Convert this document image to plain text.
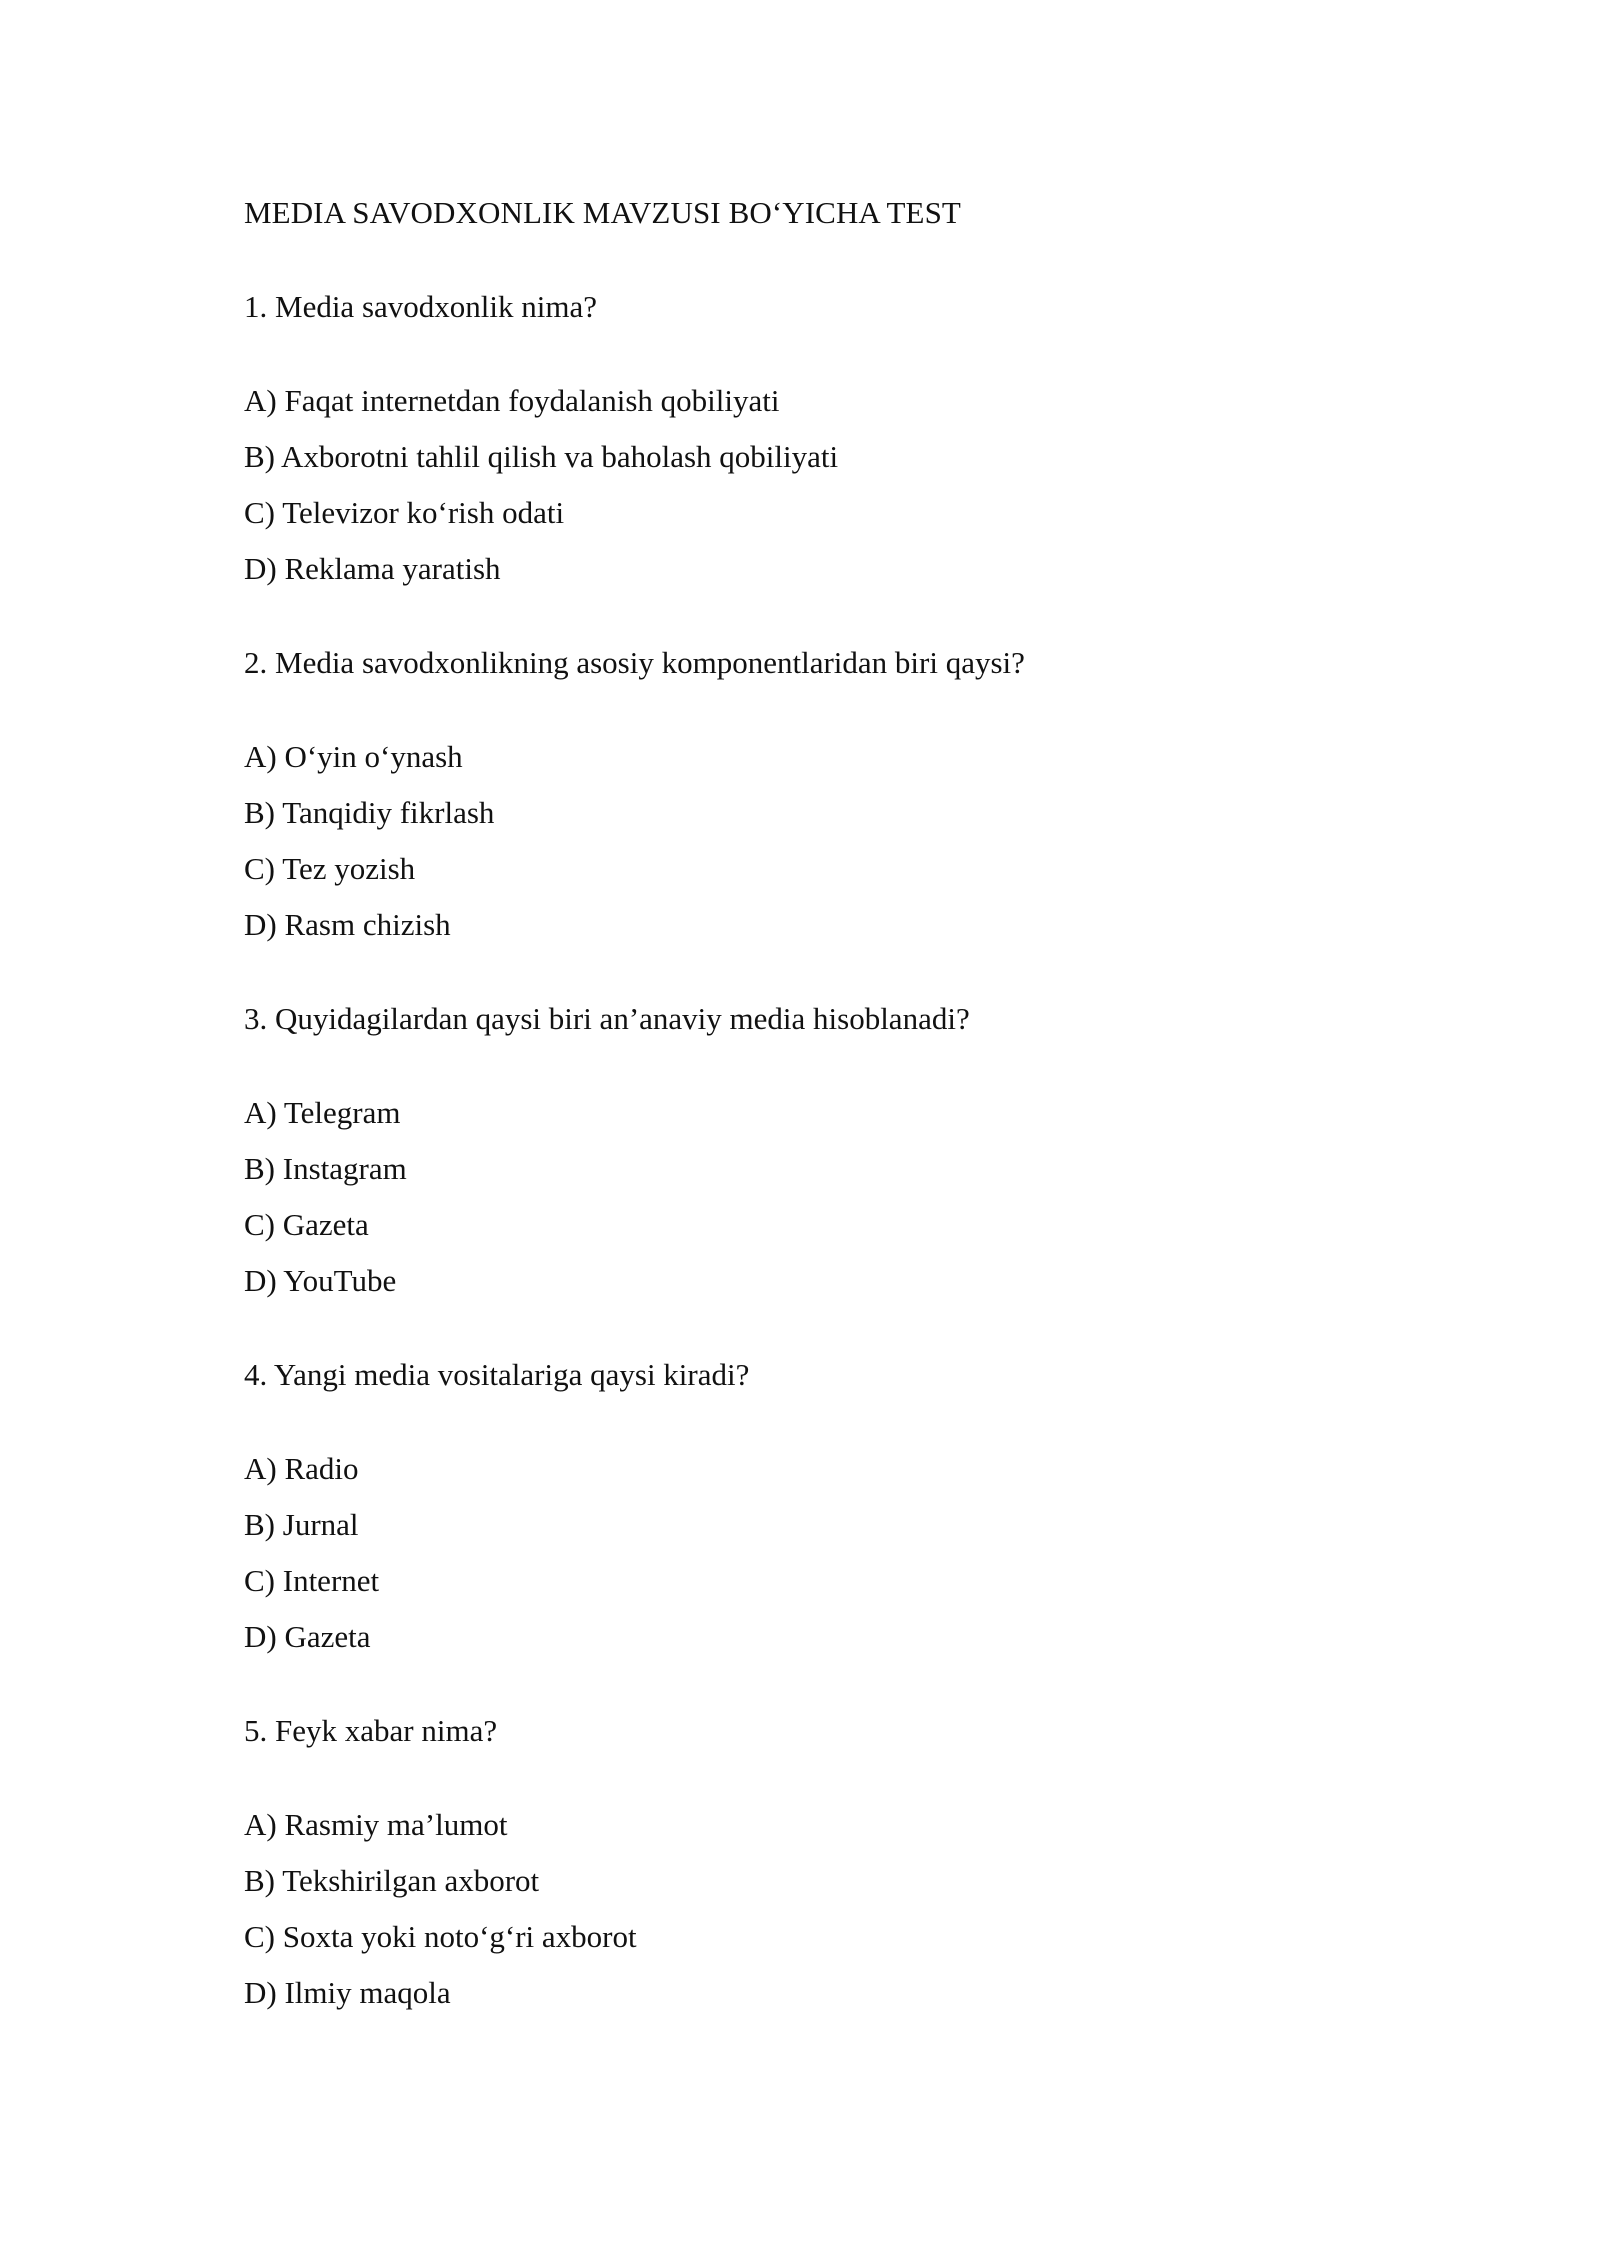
MEDIA SAVODXONLIK MAVZUSI BO‘YICHA TEST

1. Media savodxonlik nima?

A) Faqat internetdan foydalanish qobiliyati
B) Axborotni tahlil qilish va baholash qobiliyati
C) Televizor ko‘rish odati
D) Reklama yaratish

2. Media savodxonlikning asosiy komponentlaridan biri qaysi?

A) O‘yin o‘ynash
B) Tanqidiy fikrlash
C) Tez yozish
D) Rasm chizish

3. Quyidagilardan qaysi biri an’anaviy media hisoblanadi?

A) Telegram
B) Instagram
C) Gazeta
D) YouTube

4. Yangi media vositalariga qaysi kiradi?

A) Radio
B) Jurnal
C) Internet
D) Gazeta

5. Feyk xabar nima?

A) Rasmiy ma’lumot
B) Tekshirilgan axborot
C) Soxta yoki noto‘g‘ri axborot
D) Ilmiy maqola
